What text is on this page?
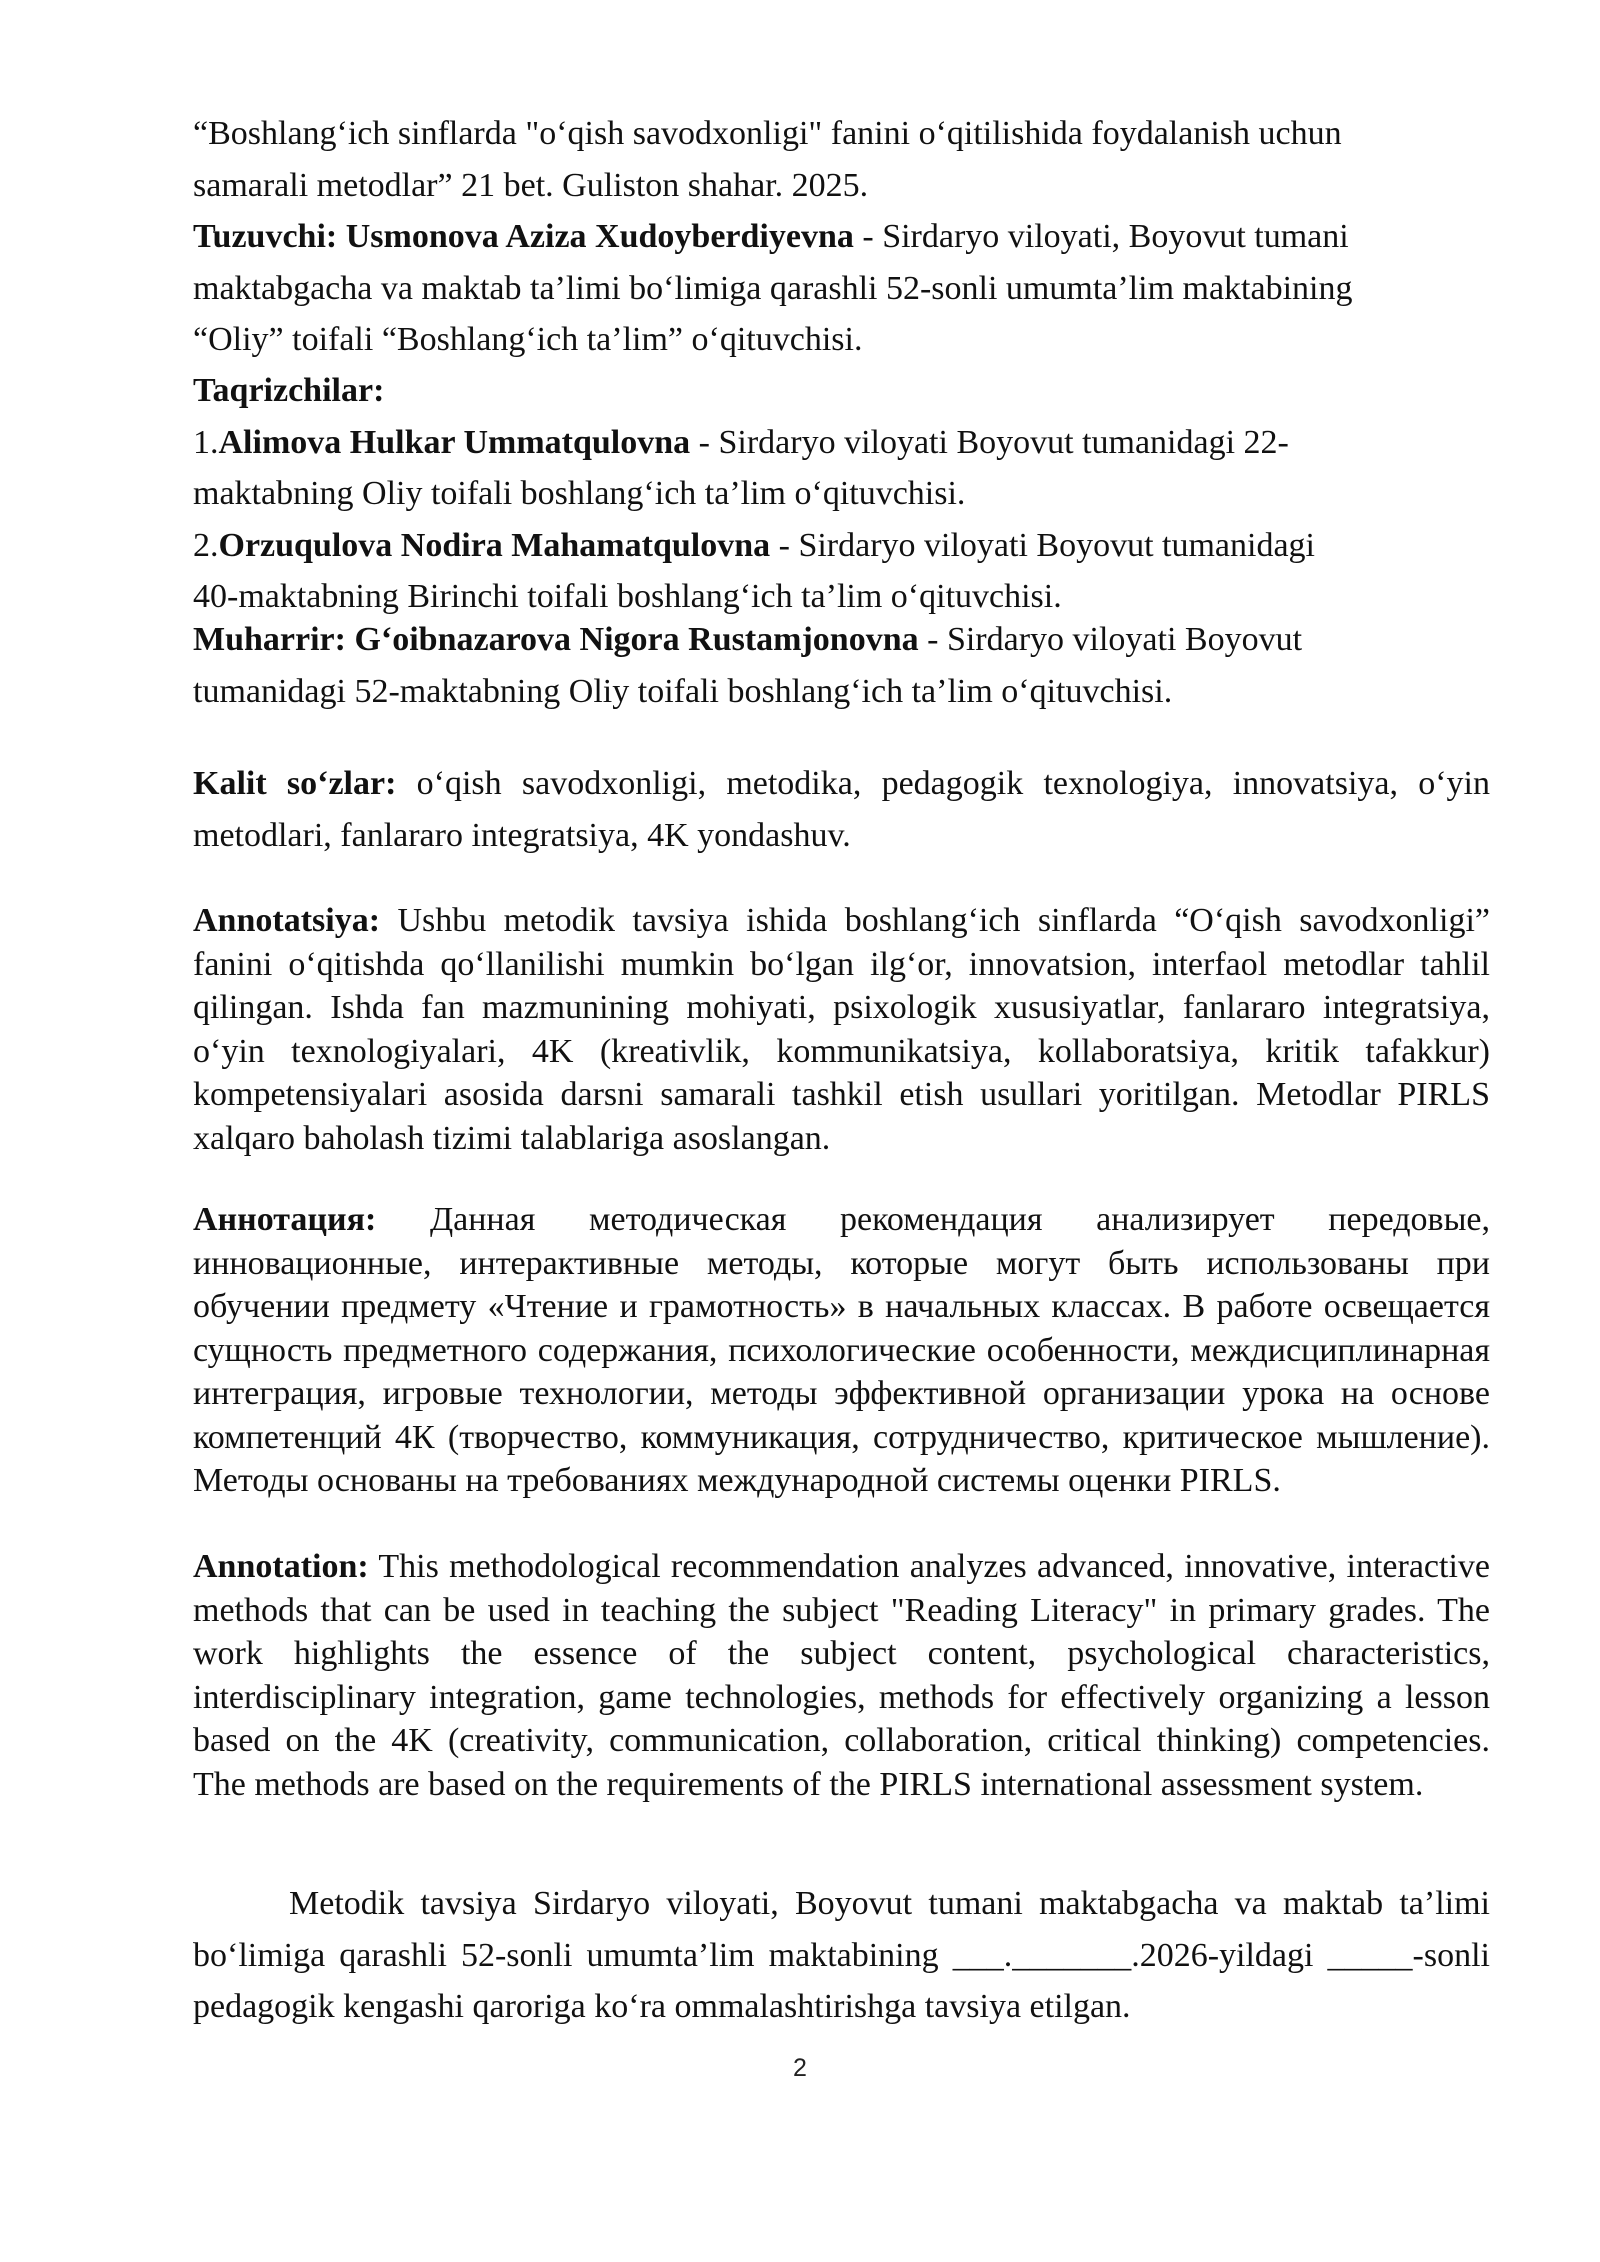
“Boshlang‘ich sinflarda "o‘qish savodxonligi" fanini o‘qitilishida foydalanish uchun
samarali metodlar” 21 bet. Guliston shahar. 2025.
Tuzuvchi: Usmonova Aziza Xudoyberdiyevna - Sirdaryo viloyati, Boyovut tumani
maktabgacha va maktab ta’limi bo‘limiga qarashli 52-sonli umumta’lim maktabining
“Oliy” toifali “Boshlang‘ich ta’lim” o‘qituvchisi.
Taqrizchilar:
1.Alimova Hulkar Ummatqulovna - Sirdaryo viloyati Boyovut tumanidagi 22-
maktabning Oliy toifali boshlang‘ich ta’lim o‘qituvchisi.
2.Orzuqulova Nodira Mahamatqulovna - Sirdaryo viloyati Boyovut tumanidagi
40-maktabning Birinchi toifali boshlang‘ich ta’lim o‘qituvchisi.
Muharrir: G‘oibnazarova Nigora Rustamjonovna - Sirdaryo viloyati Boyovut
tumanidagi 52-maktabning Oliy toifali boshlang‘ich ta’lim o‘qituvchisi.
Kalit so‘zlar: o‘qish savodxonligi, metodika, pedagogik texnologiya, innovatsiya, o‘yin metodlari, fanlararo integratsiya, 4K yondashuv.
Annotatsiya: Ushbu metodik tavsiya ishida boshlang‘ich sinflarda “O‘qish savodxonligi” fanini o‘qitishda qo‘llanilishi mumkin bo‘lgan ilg‘or, innovatsion, interfaol metodlar tahlil qilingan. Ishda fan mazmunining mohiyati, psixologik xususiyatlar, fanlararo integratsiya, o‘yin texnologiyalari, 4K (kreativlik, kommunikatsiya, kollaboratsiya, kritik tafakkur) kompetensiyalari asosida darsni samarali tashkil etish usullari yoritilgan. Metodlar PIRLS xalqaro baholash tizimi talablariga asoslangan.
Аннотация: Данная методическая рекомендация анализирует передовые, инновационные, интерактивные методы, которые могут быть использованы при обучении предмету «Чтение и грамотность» в начальных классах. В работе освещается сущность предметного содержания, психологические особенности, междисциплинарная интеграция, игровые технологии, методы эффективной организации урока на основе компетенций 4К (творчество, коммуникация, сотрудничество, критическое мышление). Методы основаны на требованиях международной системы оценки PIRLS.
Annotation: This methodological recommendation analyzes advanced, innovative, interactive methods that can be used in teaching the subject "Reading Literacy" in primary grades. The work highlights the essence of the subject content, psychological characteristics, interdisciplinary integration, game technologies, methods for effectively organizing a lesson based on the 4K (creativity, communication, collaboration, critical thinking) competencies. The methods are based on the requirements of the PIRLS international assessment system.
Metodik tavsiya Sirdaryo viloyati, Boyovut tumani maktabgacha va maktab ta’limi bo‘limiga qarashli 52-sonli umumta’lim maktabining ___._______.2026-yildagi _____-sonli pedagogik kengashi qaroriga ko‘ra ommalashtirishga tavsiya etilgan.
2
